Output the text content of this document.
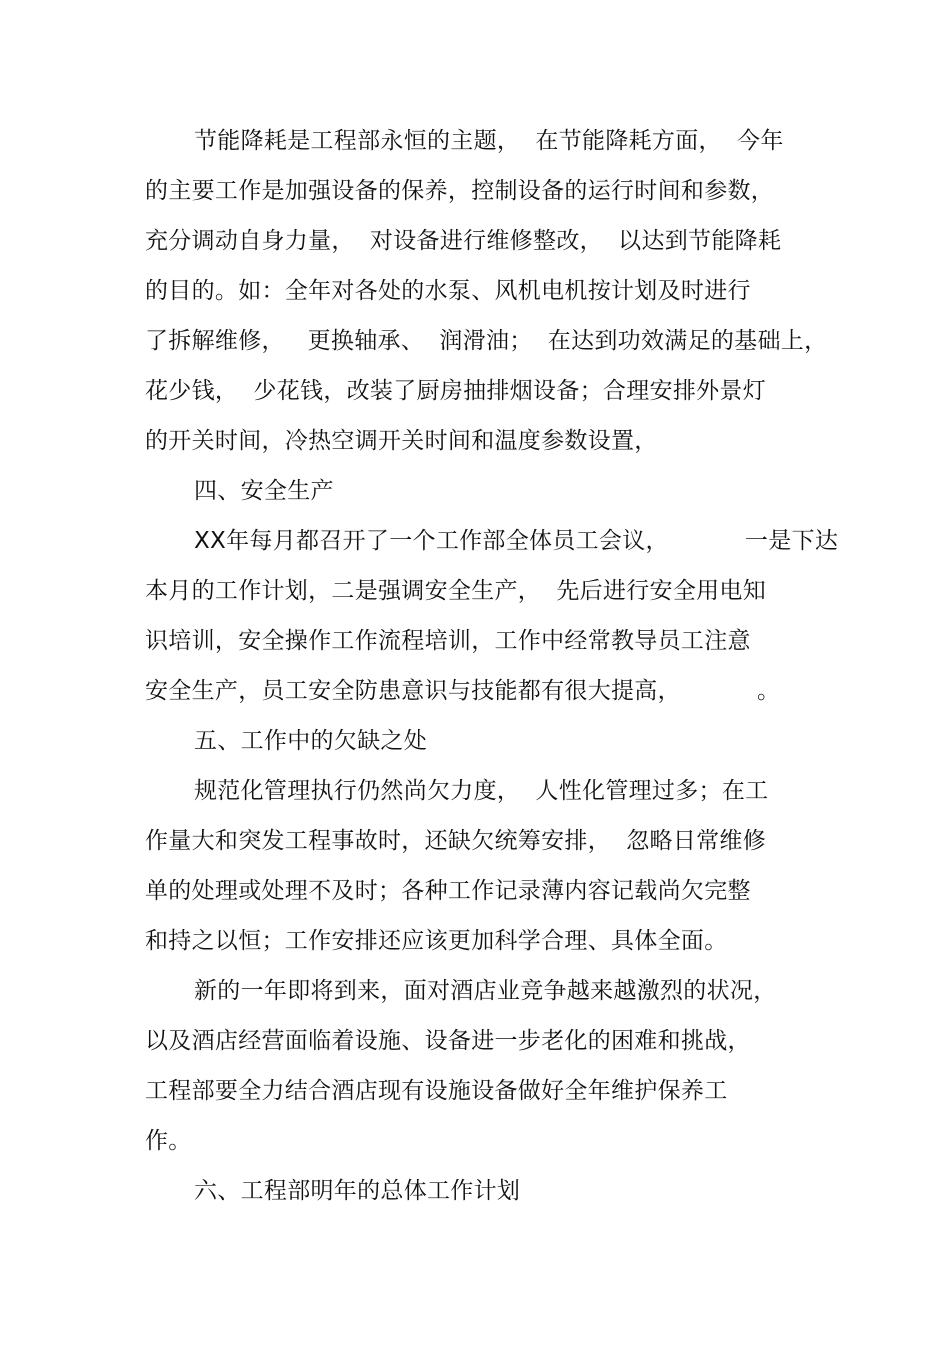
节能降耗是工程部永恒的主题，  在节能降耗方面，  今年
的主要工作是加强设备的保养，控制设备的运行时间和参数，
充分调动自身力量，  对设备进行维修整改，  以达到节能降耗
的目的。如：全年对各处的水泵、风机电机按计划及时进行
了拆解维修，   更换轴承、  润滑油；  在达到功效满足的基础上，
花少钱，  少花钱，改装了厨房抽排烟设备；合理安排外景灯
的开关时间，冷热空调开关时间和温度参数设置，
四、安全生产
XX年每月都召开了一个工作部全体员工会议，          一是下达
本月的工作计划，二是强调安全生产，  先后进行安全用电知
识培训，安全操作工作流程培训，工作中经常教导员工注意
安全生产，员工安全防患意识与技能都有很大提高，          。
五、工作中的欠缺之处
规范化管理执行仍然尚欠力度，  人性化管理过多；在工
作量大和突发工程事故时，还缺欠统筹安排，  忽略日常维修
单的处理或处理不及时；各种工作记录薄内容记载尚欠完整
和持之以恒；工作安排还应该更加科学合理、具体全面。
新的一年即将到来，面对酒店业竞争越来越激烈的状况，
以及酒店经营面临着设施、设备进一步老化的困难和挑战，
工程部要全力结合酒店现有设施设备做好全年维护保养工
作。
六、工程部明年的总体工作计划
